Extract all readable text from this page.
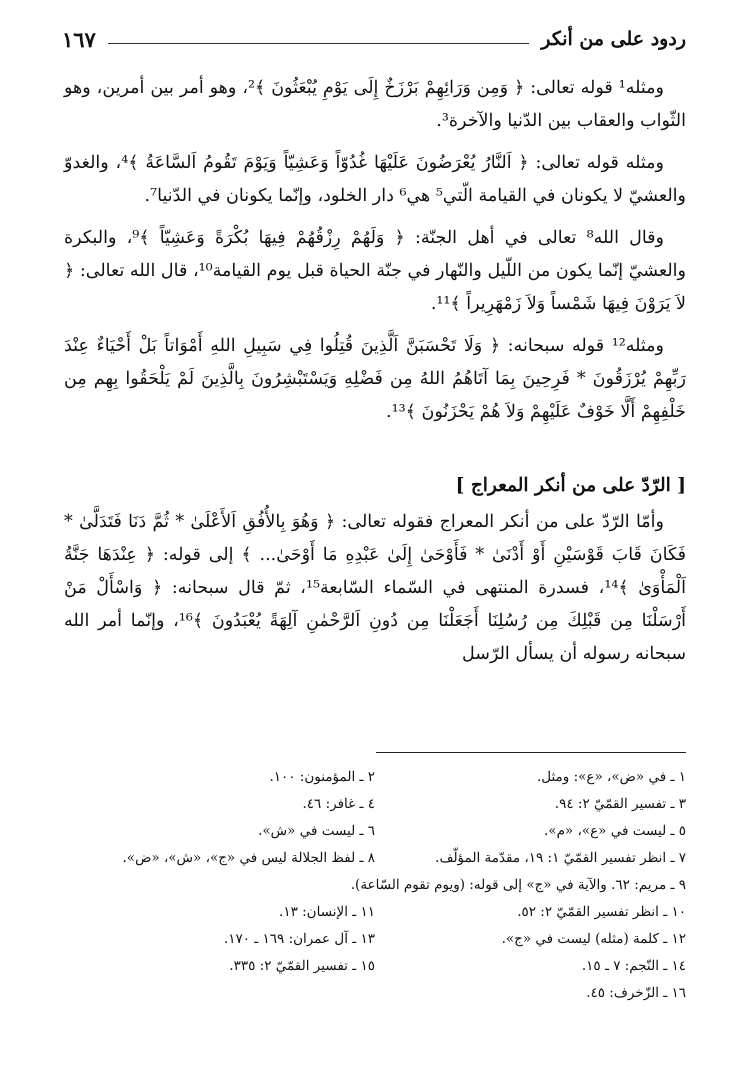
ردود على من أنكر
١٦٧

ومثله¹ قوله تعالى: ﴿ وَمِن وَرَائِهِمْ بَرْزَخٌ إِلَى يَوْمِ يُبْعَثُونَ ﴾²، وهو أمر بين أمرين، وهو الثّواب والعقاب بين الدّنيا والآخرة³.

ومثله قوله تعالى: ﴿ اَلنَّارُ يُعْرَضُونَ عَلَيْهَا غُدُوّاً وَعَشِيّاً وَيَوْمَ تَقُومُ اَلسَّاعَةُ ﴾⁴، والغدوّ والعشيّ لا يكونان في القيامة الّتي⁵ هي⁶ دار الخلود، وإنّما يكونان في الدّنيا⁷.

وقال الله⁸ تعالى في أهل الجنّة: ﴿ وَلَهُمْ رِزْقُهُمْ فِيهَا بُكْرَةً وَعَشِيّاً ﴾⁹، والبكرة والعشيّ إنّما يكون من اللّيل والنّهار في جنّة الحياة قبل يوم القيامة¹⁰، قال الله تعالى: ﴿ لاَ يَرَوْنَ فِيهَا شَمْساً وَلاَ زَمْهَرِيراً ﴾¹¹.

ومثله¹² قوله سبحانه: ﴿ وَلَا تَحْسَبَنَّ اَلَّذِينَ قُتِلُوا فِي سَبِيلِ اللهِ أَمْوَاتاً بَلْ أَحْيَاءٌ عِنْدَ رَبِّهِمْ يُرْزَقُونَ * فَرِحِينَ بِمَا آتَاهُمُ اللهُ مِن فَضْلِهِ وَيَسْتَبْشِرُونَ بِالَّذِينَ لَمْ يَلْحَقُوا بِهِم مِن خَلْفِهِمْ أَلَّا خَوْفٌ عَلَيْهِمْ وَلاَ هُمْ يَحْزَنُونَ ﴾¹³.

[ الرّدّ على من أنكر المعراج ]

وأمّا الرّدّ على من أنكر المعراج فقوله تعالى: ﴿ وَهُوَ بِالأُفُقِ اَلأَعْلَىٰ * ثُمَّ دَنَا فَتَدَلَّىٰ * فَكَانَ قَابَ قَوْسَيْنِ أَوْ أَدْنَىٰ * فَأَوْحَىٰ إِلَىٰ عَبْدِهِ مَا أَوْحَىٰ... ﴾ إلى قوله: ﴿ عِنْدَهَا جَنَّةُ اَلْمَأْوَىٰ ﴾¹⁴، فسدرة المنتهى في السّماء السّابعة¹⁵، ثمّ قال سبحانه: ﴿ وَاسْأَلْ مَنْ أَرْسَلْنَا مِن قَبْلِكَ مِن رُسُلِنَا أَجَعَلْنَا مِن دُونِ اَلرَّحْمٰنِ آلِهَةً يُعْبَدُونَ ﴾¹⁶، وإنّما أمر الله سبحانه رسوله أن يسأل الرّسل

١ ـ في «ض»، «ع»: ومثل.
٢ ـ المؤمنون: ١٠٠.
٣ ـ تفسير القمّيّ ٢: ٩٤.
٤ ـ غافر: ٤٦.
٥ ـ ليست في «ع»، «م».
٦ ـ ليست في «ش».
٧ ـ انظر تفسير القمّيّ ١: ١٩، مقدّمة المؤلّف.
٨ ـ لفظ الجلالة ليس في «ج»، «ش»، «ض».
٩ ـ مريم: ٦٢. والآية في «ج» إلى قوله: (ويوم تقوم السّاعة).
١٠ ـ انظر تفسير القمّيّ ٢: ٥٢.
١١ ـ الإنسان: ١٣.
١٢ ـ كلمة (مثله) ليست في «ج».
١٣ ـ آل عمران: ١٦٩ ـ ١٧٠.
١٤ ـ النّجم: ٧ ـ ١٥.
١٥ ـ تفسير القمّيّ ٢: ٣٣٥.
١٦ ـ الزّخرف: ٤٥.
